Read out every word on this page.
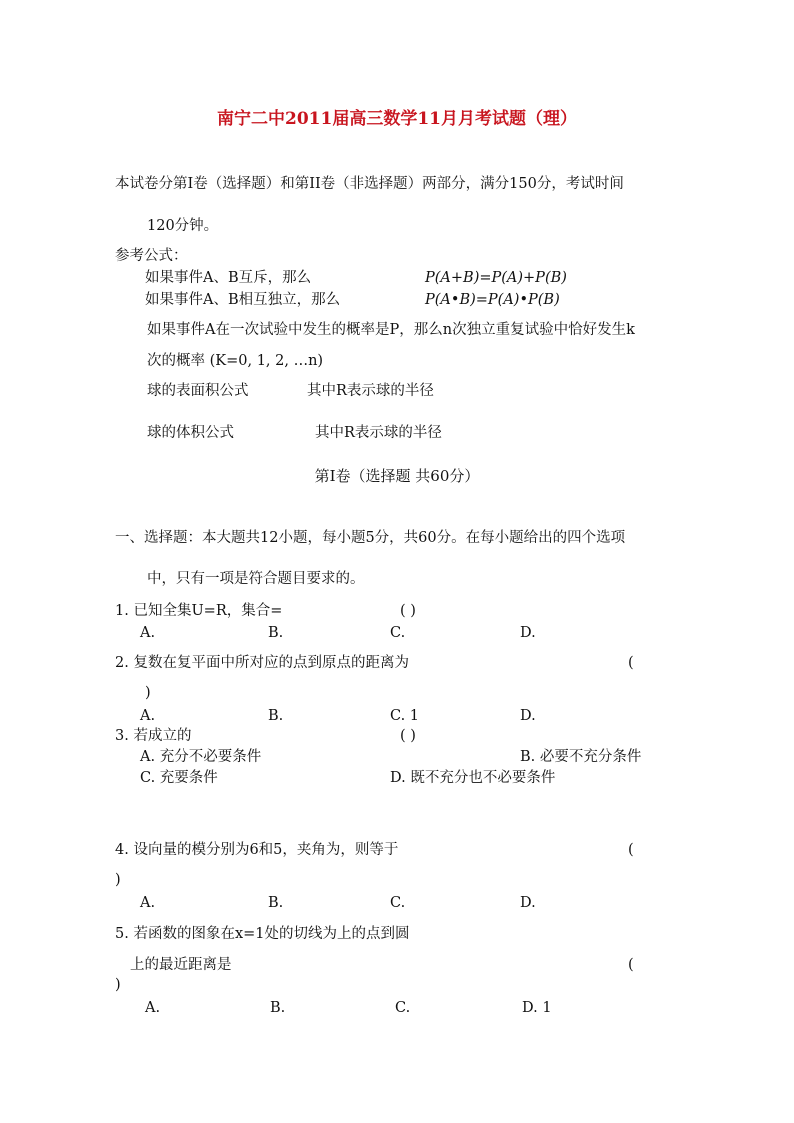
南宁二中2011届高三数学11月月考试题（理）
本试卷分第I卷（选择题）和第II卷（非选择题）两部分，满分150分，考试时间
120分钟。
参考公式：
如果事件A、B互斥，那么	P(A+B)=P(A)+P(B)
如果事件A、B相互独立，那么	P(A•B)=P(A)•P(B)
如果事件A在一次试验中发生的概率是P，那么n次独立重复试验中恰好发生k
次的概率 (K=0, 1, 2, …n)
球的表面积公式	其中R表示球的半径
球的体积公式	其中R表示球的半径
第I卷（选择题 共60分）
一、选择题：本大题共12小题，每小题5分，共60分。在每小题给出的四个选项
中，只有一项是符合题目要求的。
1. 已知全集U=R，集合=	( )
A.	B.	C.	D.
2. 复数在复平面中所对应的点到原点的距离为	(
)
A.	B.	C. 1	D.
3. 若成立的	( )
A. 充分不必要条件	B. 必要不充分条件
C. 充要条件	D. 既不充分也不必要条件
4. 设向量的模分别为6和5，夹角为，则等于	(
)
A.	B.	C.	D.
5. 若函数的图象在x=1处的切线为上的点到圆
上的最近距离是	(
)
A.	B.	C.	D. 1
